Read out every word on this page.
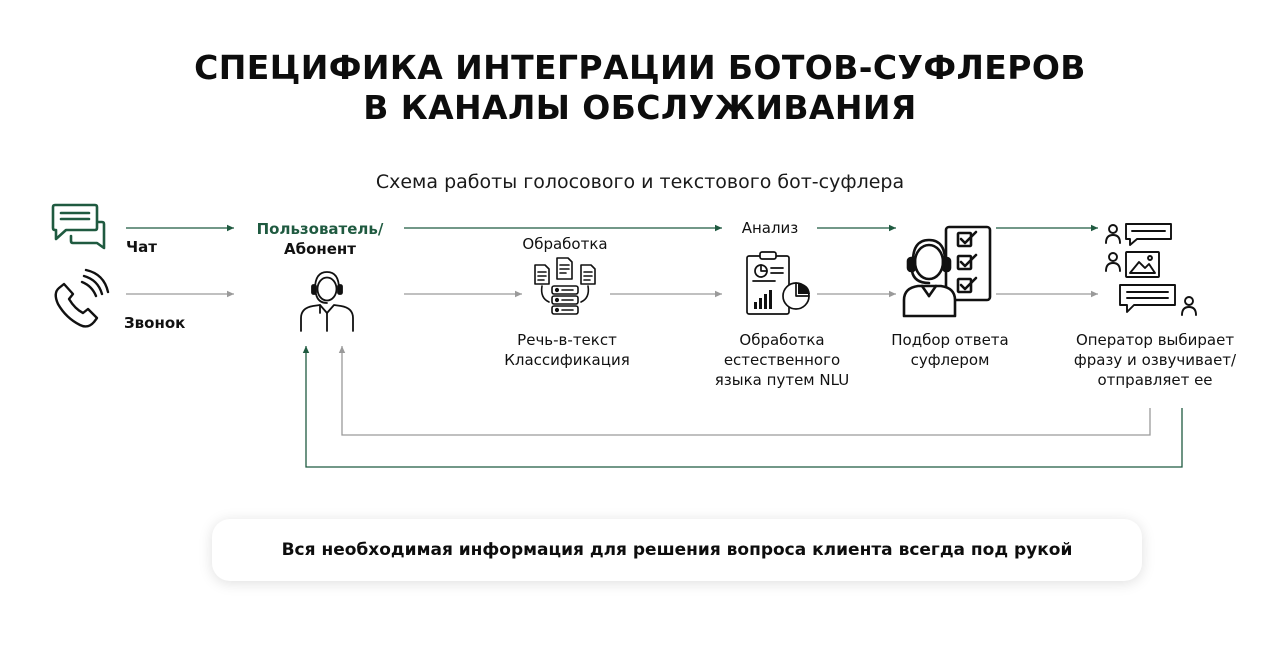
СПЕЦИФИКА ИНТЕГРАЦИИ БОТОВ-СУФЛЕРОВ
В КАНАЛЫ ОБСЛУЖИВАНИЯ
Схема работы голосового и текстового бот-суфлера
Чат
Звонок
Пользователь/
Абонент	Обработка
Речь-в-текст
Классификация
Анализ
Обработка
естественного
языка путем NLU
Подбор ответа
суфлером
Оператор выбирает
фразу и озвучивает/
отправляет ее
Вся необходимая информация для решения вопроса клиента всегда под рукой
